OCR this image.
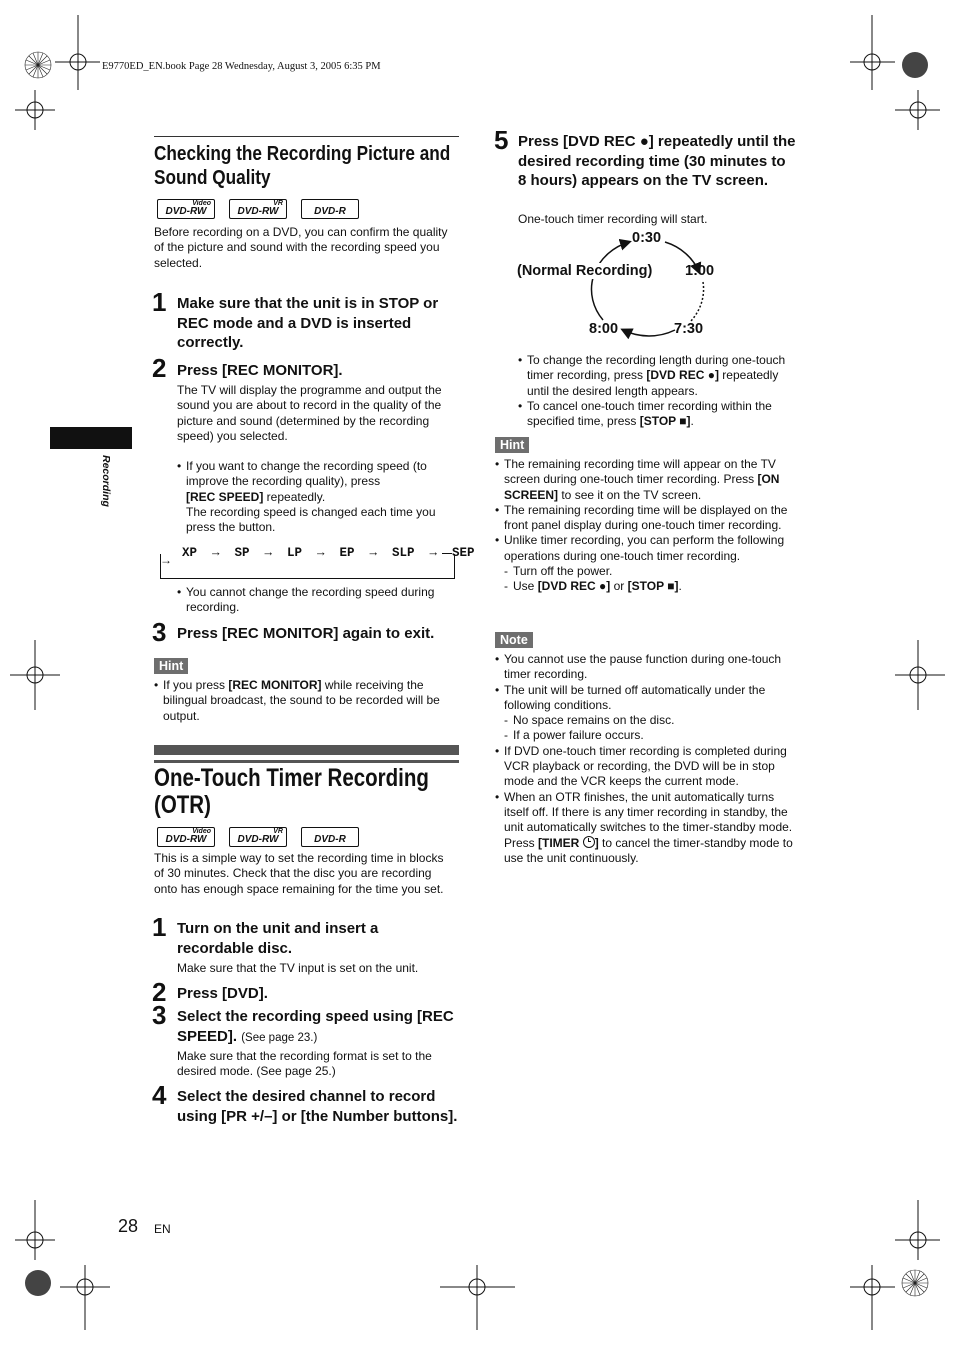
E9770ED_EN.book Page 28 Wednesday, August 3, 2005 6:35 PM
Recording
Checking the Recording Picture and Sound Quality
Video
DVD-RW
VR
DVD-RW	DVD-R
Before recording on a DVD, you can confirm the quality of the picture and sound with the recording speed you selected.
1 Make sure that the unit is in STOP or REC mode and a DVD is inserted correctly.
2 Press [REC MONITOR].
The TV will display the programme and output the sound you are about to record in the quality of the picture and sound (determined by the recording speed) you selected.
• If you want to change the recording speed (to improve the recording quality), press
[REC SPEED] repeatedly.
The recording speed is changed each time you press the button.
→ XP  →  SP  →  LP  →  EP  →  SLP  →  SEP
• You cannot change the recording speed during recording.
3 Press [REC MONITOR] again to exit.
Hint
• If you press [REC MONITOR] while receiving the bilingual broadcast, the sound to be recorded will be output.
One-Touch Timer Recording (OTR)
Video
DVD-RW
VR
DVD-RW	DVD-R
This is a simple way to set the recording time in blocks of 30 minutes. Check that the disc you are recording onto has enough space remaining for the time you set.
1 Turn on the unit and insert a recordable disc.
Make sure that the TV input is set on the unit.
2 Press [DVD].
3 Select the recording speed using [REC SPEED]. (See page 23.)
Make sure that the recording format is set to the desired mode. (See page 25.)
4 Select the desired channel to record using [PR +/–] or [the Number buttons].
5 Press [DVD REC ●] repeatedly until the desired recording time (30 minutes to 8 hours) appears on the TV screen.
One-touch timer recording will start.
0:30
1:00
7:30
8:00
(Normal Recording)
• To change the recording length during one-touch timer recording, press [DVD REC ●] repeatedly until the desired length appears.
• To cancel one-touch timer recording within the specified time, press [STOP ■].
Hint
• The remaining recording time will appear on the TV screen during one-touch timer recording. Press [ON SCREEN] to see it on the TV screen.
• The remaining recording time will be displayed on the front panel display during one-touch timer recording.
• Unlike timer recording, you can perform the following operations during one-touch timer recording.
- Turn off the power.
- Use [DVD REC ●] or [STOP ■].
Note
• You cannot use the pause function during one-touch timer recording.
• The unit will be turned off automatically under the following conditions.
- No space remains on the disc.
- If a power failure occurs.
• If DVD one-touch timer recording is completed during VCR playback or recording, the DVD will be in stop mode and the VCR keeps the current mode.
• When an OTR finishes, the unit automatically turns itself off. If there is any timer recording in standby, the unit automatically switches to the timer-standby mode. Press [TIMER ] to cancel the timer-standby mode to use the unit continuously.
28 EN
